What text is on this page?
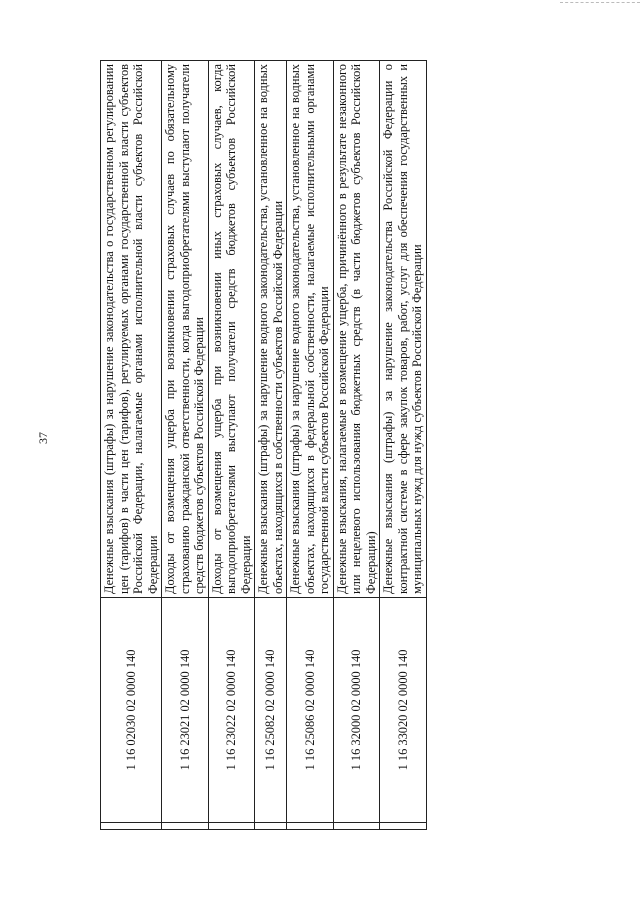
37
	1 16 02030 02 0000 140	Денежные взыскания (штрафы) за нарушение законодательства о государственном регулировании цен (тарифов) в части цен (тарифов), регулируемых органами государственной власти субъектов Российской Федерации, налагаемые органами исполнительной власти субъектов Российской Федерации
	1 16 23021 02 0000 140	Доходы от возмещения ущерба при возникновении страховых случаев по обязательному страхованию гражданской ответственности, когда выгодоприобретателями выступают получатели средств бюджетов субъектов Российской Федерации
	1 16 23022 02 0000 140	Доходы от возмещения ущерба при возникновении иных страховых случаев, когда выгодоприобретателями выступают получатели средств бюджетов субъектов Российской Федерации
	1 16 25082 02 0000 140	Денежные взыскания (штрафы) за нарушение водного законодательства, установленное на водных объектах, находящихся в собственности субъектов Российской Федерации
	1 16 25086 02 0000 140	Денежные взыскания (штрафы) за нарушение водного законодательства, установленное на водных объектах, находящихся в федеральной собственности, налагаемые исполнительными органами государственной власти субъектов Российской Федерации
	1 16 32000 02 0000 140	Денежные взыскания, налагаемые в возмещение ущерба, причинённого в результате незаконного или нецелевого использования бюджетных средств (в части бюджетов субъектов Российской Федерации)
	1 16 33020 02 0000 140	Денежные взыскания (штрафы) за нарушение законодательства Российской Федерации о контрактной системе в сфере закупок товаров, работ, услуг для обеспечения государственных и муниципальных нужд для нужд субъектов Российской Федерации
